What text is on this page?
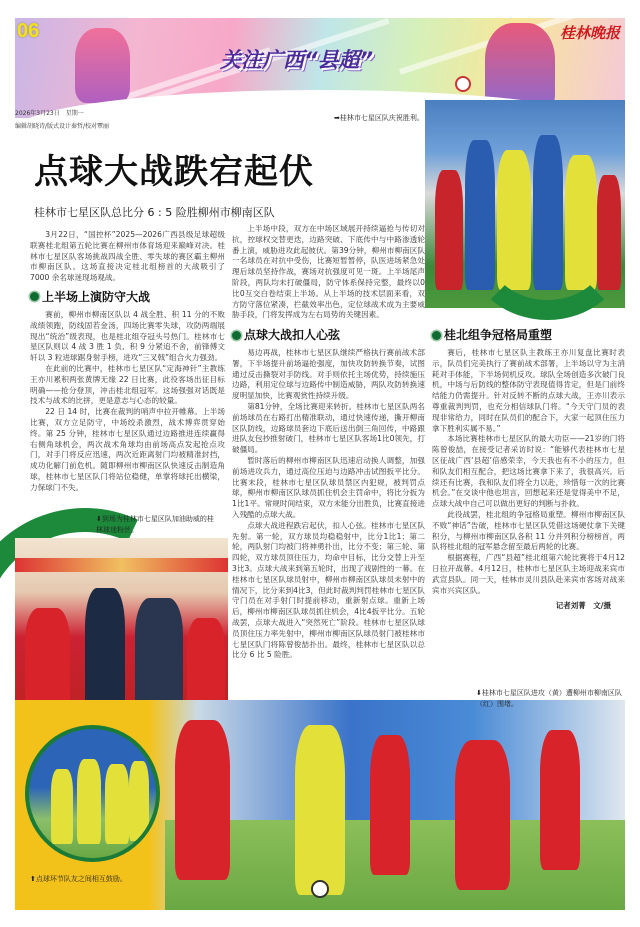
06	桂林晚报
关注广西“县超”
2026年3月23日　星期一
编辑胡晓诗/版式设计秦哲/校对覃丽
➡桂林市七星区队庆祝胜利。
点球大战跌宕起伏
桂林市七星区队总比分 6 : 5 险胜柳州市柳南区队

3月22日，“国控杯”2025—2026广西县级足球超级联赛桂北组第五轮比赛在柳州市体育场迎来巅峰对决。桂林市七星区队客场挑战四战全胜、零失球的赛区霸主柳州市柳南区队。这场直接决定桂北组榜首的大战吸引了 7000 余名球迷现场观战。

上半场上演防守大战

赛前，柳州市柳南区队以 4 战全胜、积 11 分的不败战绩领跑，防线固若金汤，四场比赛零失球，攻防两端展现出“统治”级表现，也是桂北组夺冠头号热门。桂林市七星区队则以 4 战 3 胜 1 负、积 9 分紧追不舍，前锋傅文轩以 3 粒进球踞身射手榜，进攻“三叉戟”组合火力强劲。

在此前的比赛中，桂林市七星区队“定海神针”主教练王亦川累积两张黄牌无缘 22 日比赛，此役客场出征目标明确——抢分登顶，冲击桂北组冠军。这场强强对话既是技术与战术的比拼，更是意志与心态的较量。

22 日 14 时，比赛在裁判的哨声中拉开帷幕。上半场比赛，双方立足防守，中场绞杀激烈，战术博弈贯穿始终。第 25 分钟，桂林市七星区队通过边路推进连续赢得右侧角球机会，两次战术角球均由前场高点发起抢点攻门，对手门将反应迅速，两次近距离射门均被精准封挡，成功化解门前危机。随即柳州市柳南区队快速反击制造角球，桂林市七星区队门将站位稳健，单掌将球托出横梁，力保球门不失。

上半场中段，双方在中场区域展开持续逼抢与传切对抗，控球权交替更迭，边路突破、下底传中与中路渗透轮番上演，威胁进攻此起彼伏。第39分钟，柳州市柳南区队一名球员在对抗中受伤，比赛短暂暂停，队医进场紧急处理后球员坚持作战，赛场对抗强度可见一斑。上半场尾声阶段，两队均未打破僵局，防守体系保持完整，最终以0比0互交白卷结束上半场。从上半场的技术层面来看，双方防守落位紧凑，拦截效率出色，定位球战术成为主要威胁手段，门将发挥成为左右局势的关键因素。

点球大战扣人心弦

易边再战，桂林市七星区队继续严格执行赛前战术部署，下半场提升前场逼抢强度，加快攻防转换节奏，试图通过反击撕裂对手防线。对手则依托主场优势，持续施压边路，利用定位球与边路传中制造威胁，两队攻防转换速度明显加快，比赛观赏性持续升级。

第81分钟，全场比赛迎来转折。桂林市七星区队两名前场球员在右路打出精准联动，通过快速传递，撕开柳南区队防线，边路球员套边下底后送出倒三角回传，中路跟进队友包抄推射破门，桂林市七星区队客场1比0领先，打破僵局。

暂时落后的柳州市柳南区队迅速启动换人调整，加强前场进攻兵力，通过高位压迫与边路冲击试图扳平比分。比赛末段，桂林市七星区队球员禁区内犯规，被判罚点球，柳州市柳南区队球员抓住机会主罚命中，将比分扳为1比1平。常规时间结束，双方未能分出胜负，比赛直接进入残酷的点球大战。

点球大战进程跌宕起伏，扣人心弦。桂林市七星区队先射。第一轮，双方球员均稳稳射中，比分1比1；第二轮，两队射门均被门将神勇扑出，比分不变；第三轮、第四轮，双方球员顶住压力，均命中目标，比分交替上升至3比3。点球大战来到第五轮时，出现了戏剧性的一幕。在桂林市七星区队球员射中，柳州市柳南区队球员未射中的情况下，比分来到4比3，但此时裁判判罚桂林市七星区队守门员在对手射门时提前移动，重新射点球。重新上场后，柳州市柳南区队球员抓住机会，4比4扳平比分。五轮战罢，点球大战进入“突然死亡”阶段。桂林市七星区队球员顶住压力率先射中，柳州市柳南区队球员射门被桂林市七星区队门将陈曾俊喆扑出。最终，桂林市七星区队以总比分 6 比 5 险胜。

桂北组争冠格局重塑

赛后，桂林市七星区队主教练王亦川复盘比赛时表示，队员们完美执行了赛前战术部署，上半场以守为主消耗对手体能，下半场伺机反攻。球队全场创造多次破门良机，中场与后防线的整体防守表现值得肯定，但是门前终结能力仍需提升。针对反转不断的点球大战，王亦川表示尊重裁判判罚，也充分相信球队门将。“今天守门员的表现非常给力，同时在队员们的配合下，大家一起顶住压力拿下胜利实属不易。”

本场比赛桂林市七星区队的最大功臣——21岁的门将陈曾俊喆，在接受记者采访时说：“能够代表桂林市七星区征战广西‘县超’倍感荣幸，今天我也有不小的压力，但和队友们相互配合，把这场比赛拿下来了，我很高兴。后续还有比赛，我和队友们将全力以赴，珍惜每一次的比赛机会。”在交谈中他也坦言，回想起来还是觉得美中不足，点球大战中自己可以做出更好的判断与扑救。

此役战罢，桂北组的争冠格局重塑。柳州市柳南区队不败“神话”告破，桂林市七星区队凭借这场硬仗拿下关键积分，与柳州市柳南区队各积 11 分并列积分榜榜首，两队将桂北组的冠军悬念留至最后两轮的比赛。

根据赛程，广西“县超”桂北组第六轮比赛将于4月12日拉开战幕。4月12日，桂林市七星区队主场迎战来宾市武宣县队。同一天，桂林市灵川县队赴来宾市客场对战来宾市兴宾区队。

记者刘菁　文/摄
⬇到场为桂林市七星区队加油助威的桂林球迷粉丝。
⬇桂林市七星区队进攻（黄）遭柳州市柳南区队（红）围堵。
⬆点球环节队友之间相互鼓励。
